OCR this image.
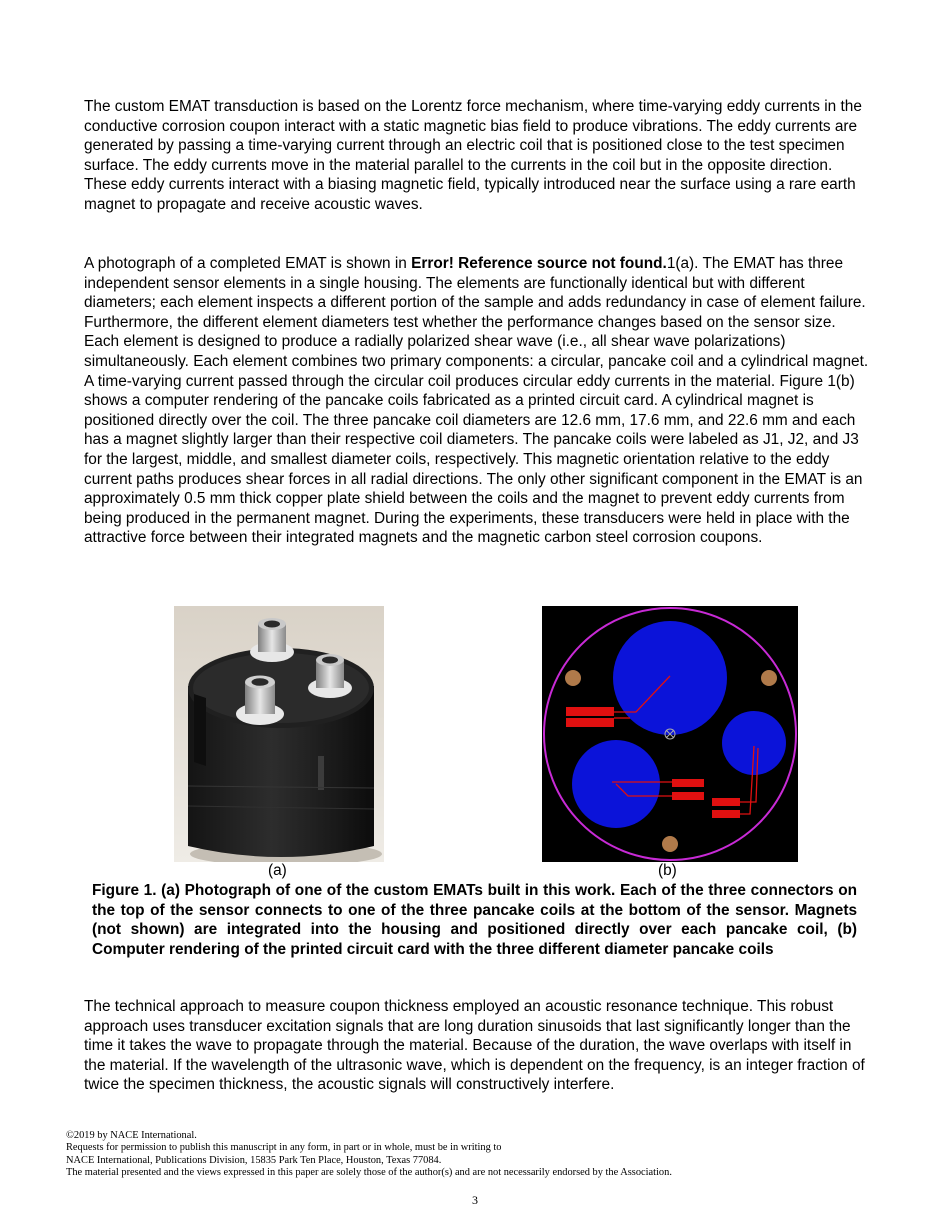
The custom EMAT transduction is based on the Lorentz force mechanism, where time-varying eddy currents in the conductive corrosion coupon interact with a static magnetic bias field to produce vibrations. The eddy currents are generated by passing a time-varying current through an electric coil that is positioned close to the test specimen surface. The eddy currents move in the material parallel to the currents in the coil but in the opposite direction. These eddy currents interact with a biasing magnetic field, typically introduced near the surface using a rare earth magnet to propagate and receive acoustic waves.

A photograph of a completed EMAT is shown in Error! Reference source not found.1(a). The EMAT has three independent sensor elements in a single housing. The elements are functionally identical but with different diameters; each element inspects a different portion of the sample and adds redundancy in case of element failure. Furthermore, the different element diameters test whether the performance changes based on the sensor size. Each element is designed to produce a radially polarized shear wave (i.e., all shear wave polarizations) simultaneously. Each element combines two primary components: a circular, pancake coil and a cylindrical magnet. A time-varying current passed through the circular coil produces circular eddy currents in the material. Figure 1(b) shows a computer rendering of the pancake coils fabricated as a printed circuit card. A cylindrical magnet is positioned directly over the coil. The three pancake coil diameters are 12.6 mm, 17.6 mm, and 22.6 mm and each has a magnet slightly larger than their respective coil diameters. The pancake coils were labeled as J1, J2, and J3 for the largest, middle, and smallest diameter coils, respectively. This magnetic orientation relative to the eddy current paths produces shear forces in all radial directions. The only other significant component in the EMAT is an approximately 0.5 mm thick copper plate shield between the coils and the magnet to prevent eddy currents from being produced in the permanent magnet. During the experiments, these transducers were held in place with the attractive force between their integrated magnets and the magnetic carbon steel corrosion coupons.

(a)	(b)

Figure 1. (a) Photograph of one of the custom EMATs built in this work. Each of the three connectors on the top of the sensor connects to one of the three pancake coils at the bottom of the sensor. Magnets (not shown) are integrated into the housing and positioned directly over each pancake coil, (b) Computer rendering of the printed circuit card with the three different diameter pancake coils

The technical approach to measure coupon thickness employed an acoustic resonance technique. This robust approach uses transducer excitation signals that are long duration sinusoids that last significantly longer than the time it takes the wave to propagate through the material. Because of the duration, the wave overlaps with itself in the material. If the wavelength of the ultrasonic wave, which is dependent on the frequency, is an integer fraction of twice the specimen thickness, the acoustic signals will constructively interfere.

©2019 by NACE International.
Requests for permission to publish this manuscript in any form, in part or in whole, must be in writing to
NACE International, Publications Division, 15835 Park Ten Place, Houston, Texas 77084.
The material presented and the views expressed in this paper are solely those of the author(s) and are not necessarily endorsed by the Association.
3
